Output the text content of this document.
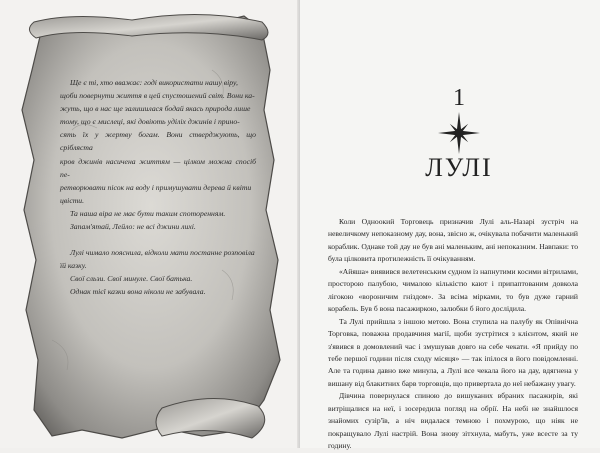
Ще є ті, хто вважає: годі використати нашу віру,

щоби повернути життя в цей спустошений світ. Вони ка-

жуть, що в нас ще залишилася бодай якась природа лише

тому, що є мислеці, які довіють уділіх джинів і прино-

сять їх у жертву богам. Вони стверджують, що срібляста

кров джинів насичена життям — цілком можна спосіб пе-

ретворювати пісок на воду і примушувати дерева й квіти

цвісти.

Та наша віра не має бути таким споторенням.

Запам'ятай, Лейло: не всі джини лихі.

Лулі чимало пояснила, відколи мати постанне розповіла

їй казку.

Свої сльзи. Свої минуле. Свої батька.

Однак тієї казки вона ніколи не забувала.

1
ЛУЛІ

Коли Одноокий Торговець призначив Лулі аль-Назарі зустріч на невеличкому непоказному дау, вона, звісно ж, очікувала побачити маленький кораблик. Однаке той дау не був ані маленьким, ані непоказним. Навпаки: то була цілковита протилежність її очікуванням.

«Айяша» виявився велетенським судном із напнутими косими вітрилами, просторою палубою, чималою кількістю кают і припаптованим довкола лігокою «вороничим гніздом». За всіма мірками, то був дуже гарний корабель. Був б вона пасажиркою, залюбки б його дослідила.

Та Лулі прийшла з іншою метою. Вона ступила на палубу як Опівнічна Торговка, поважна продавчиня магії, щоби зустрітися з клієнтом, який не з'явився в домовлений час і змушував довго на себе чекати. «Я прийду по тебе першої години після сходу місяця» — так іпілося в його повідомленні. Але та година давно вже минула, а Лулі все чекала його на дау, вдягнена у вишану від блакитних барв торговців, що привертала до неї небажану увагу.

Дівчина повернулася спиною до вишуканих вбраних пасажирів, які витріщалися на неї, і зосередила погляд на обрії. На небі не знайшлося знайомих сузір'їв, а ніч видалася темною і похмурою, що ніяк не покращувало Лулі настрій. Вона знову зітхнула, мабуть, уже всесте за ту годину.
